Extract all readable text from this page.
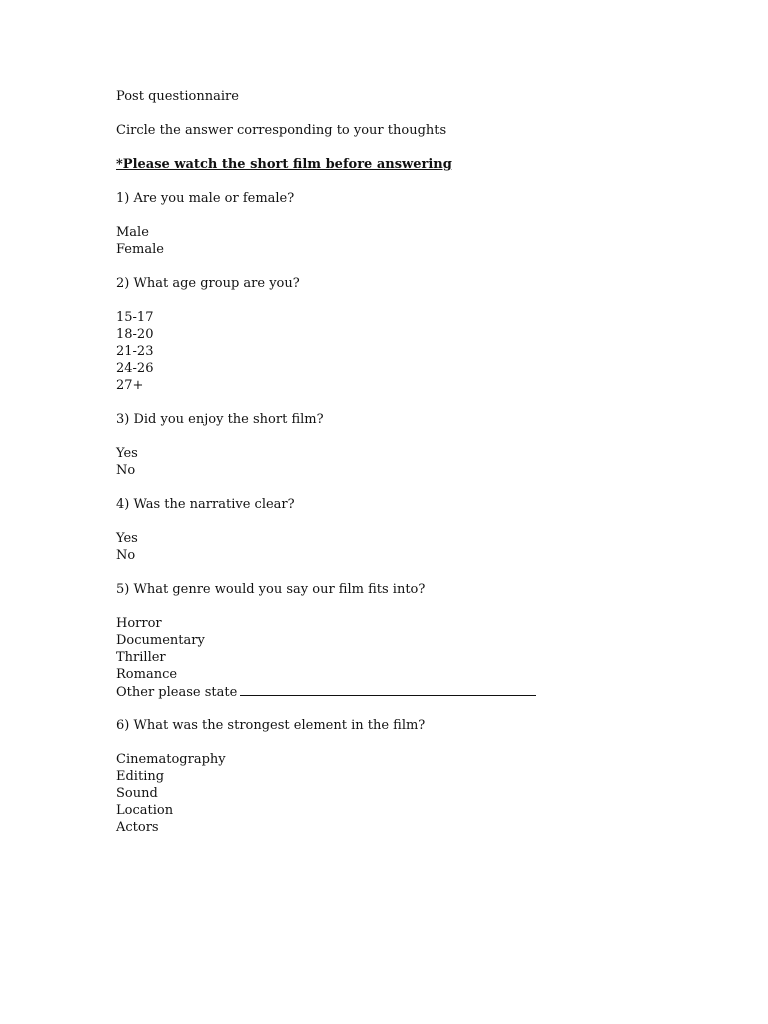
Post questionnaire
Circle the answer corresponding to your thoughts
*Please watch the short film before answering
1) Are you male or female?
Male
Female
2) What age group are you?
15-17
18-20
21-23
24-26
27+
3) Did you enjoy the short film?
Yes
No
4) Was the narrative clear?
Yes
No
5) What genre would you say our film fits into?
Horror
Documentary
Thriller
Romance
Other please state
6) What was the strongest element in the film?
Cinematography
Editing
Sound
Location
Actors
